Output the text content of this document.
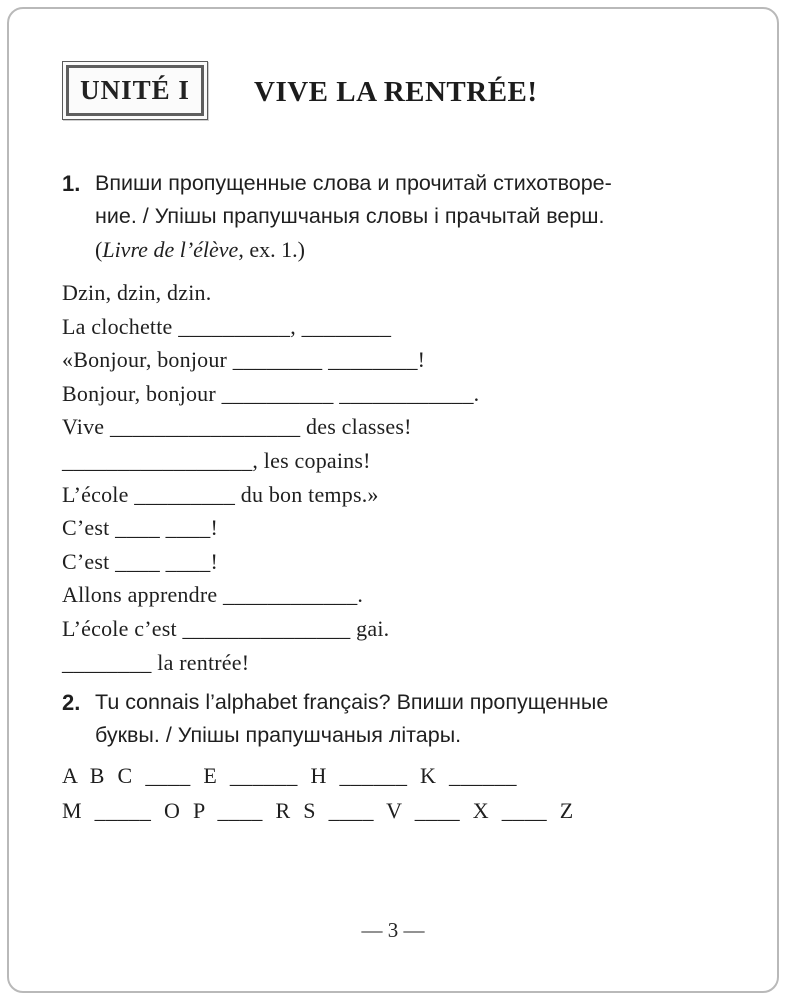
UNITÉ I VIVE LA RENTRÉE!

1. Впиши пропущенные слова и прочитай стихотворе-
ние. / Упішы прапушчаныя словы і прачытай верш.
(Livre de l’élève, ex. 1.)

Dzin, dzin, dzin.
La clochette __________, ________
«Bonjour, bonjour ________ ________!
Bonjour, bonjour __________ ____________.
Vive _________________ des classes!
_________________, les copains!
L’école _________ du bon temps.»
C’est ____ ____!
C’est ____ ____!
Allons apprendre ____________.
L’école c’est _______________ gai.
________ la rentrée!

2. Tu connais l’alphabet français? Впиши пропущенные
буквы. / Упішы прапушчаныя літары.

A B C ____ E ______ H ______ K ______
M _____ O P ____ R S ____ V ____ X ____ Z
— 3 —
